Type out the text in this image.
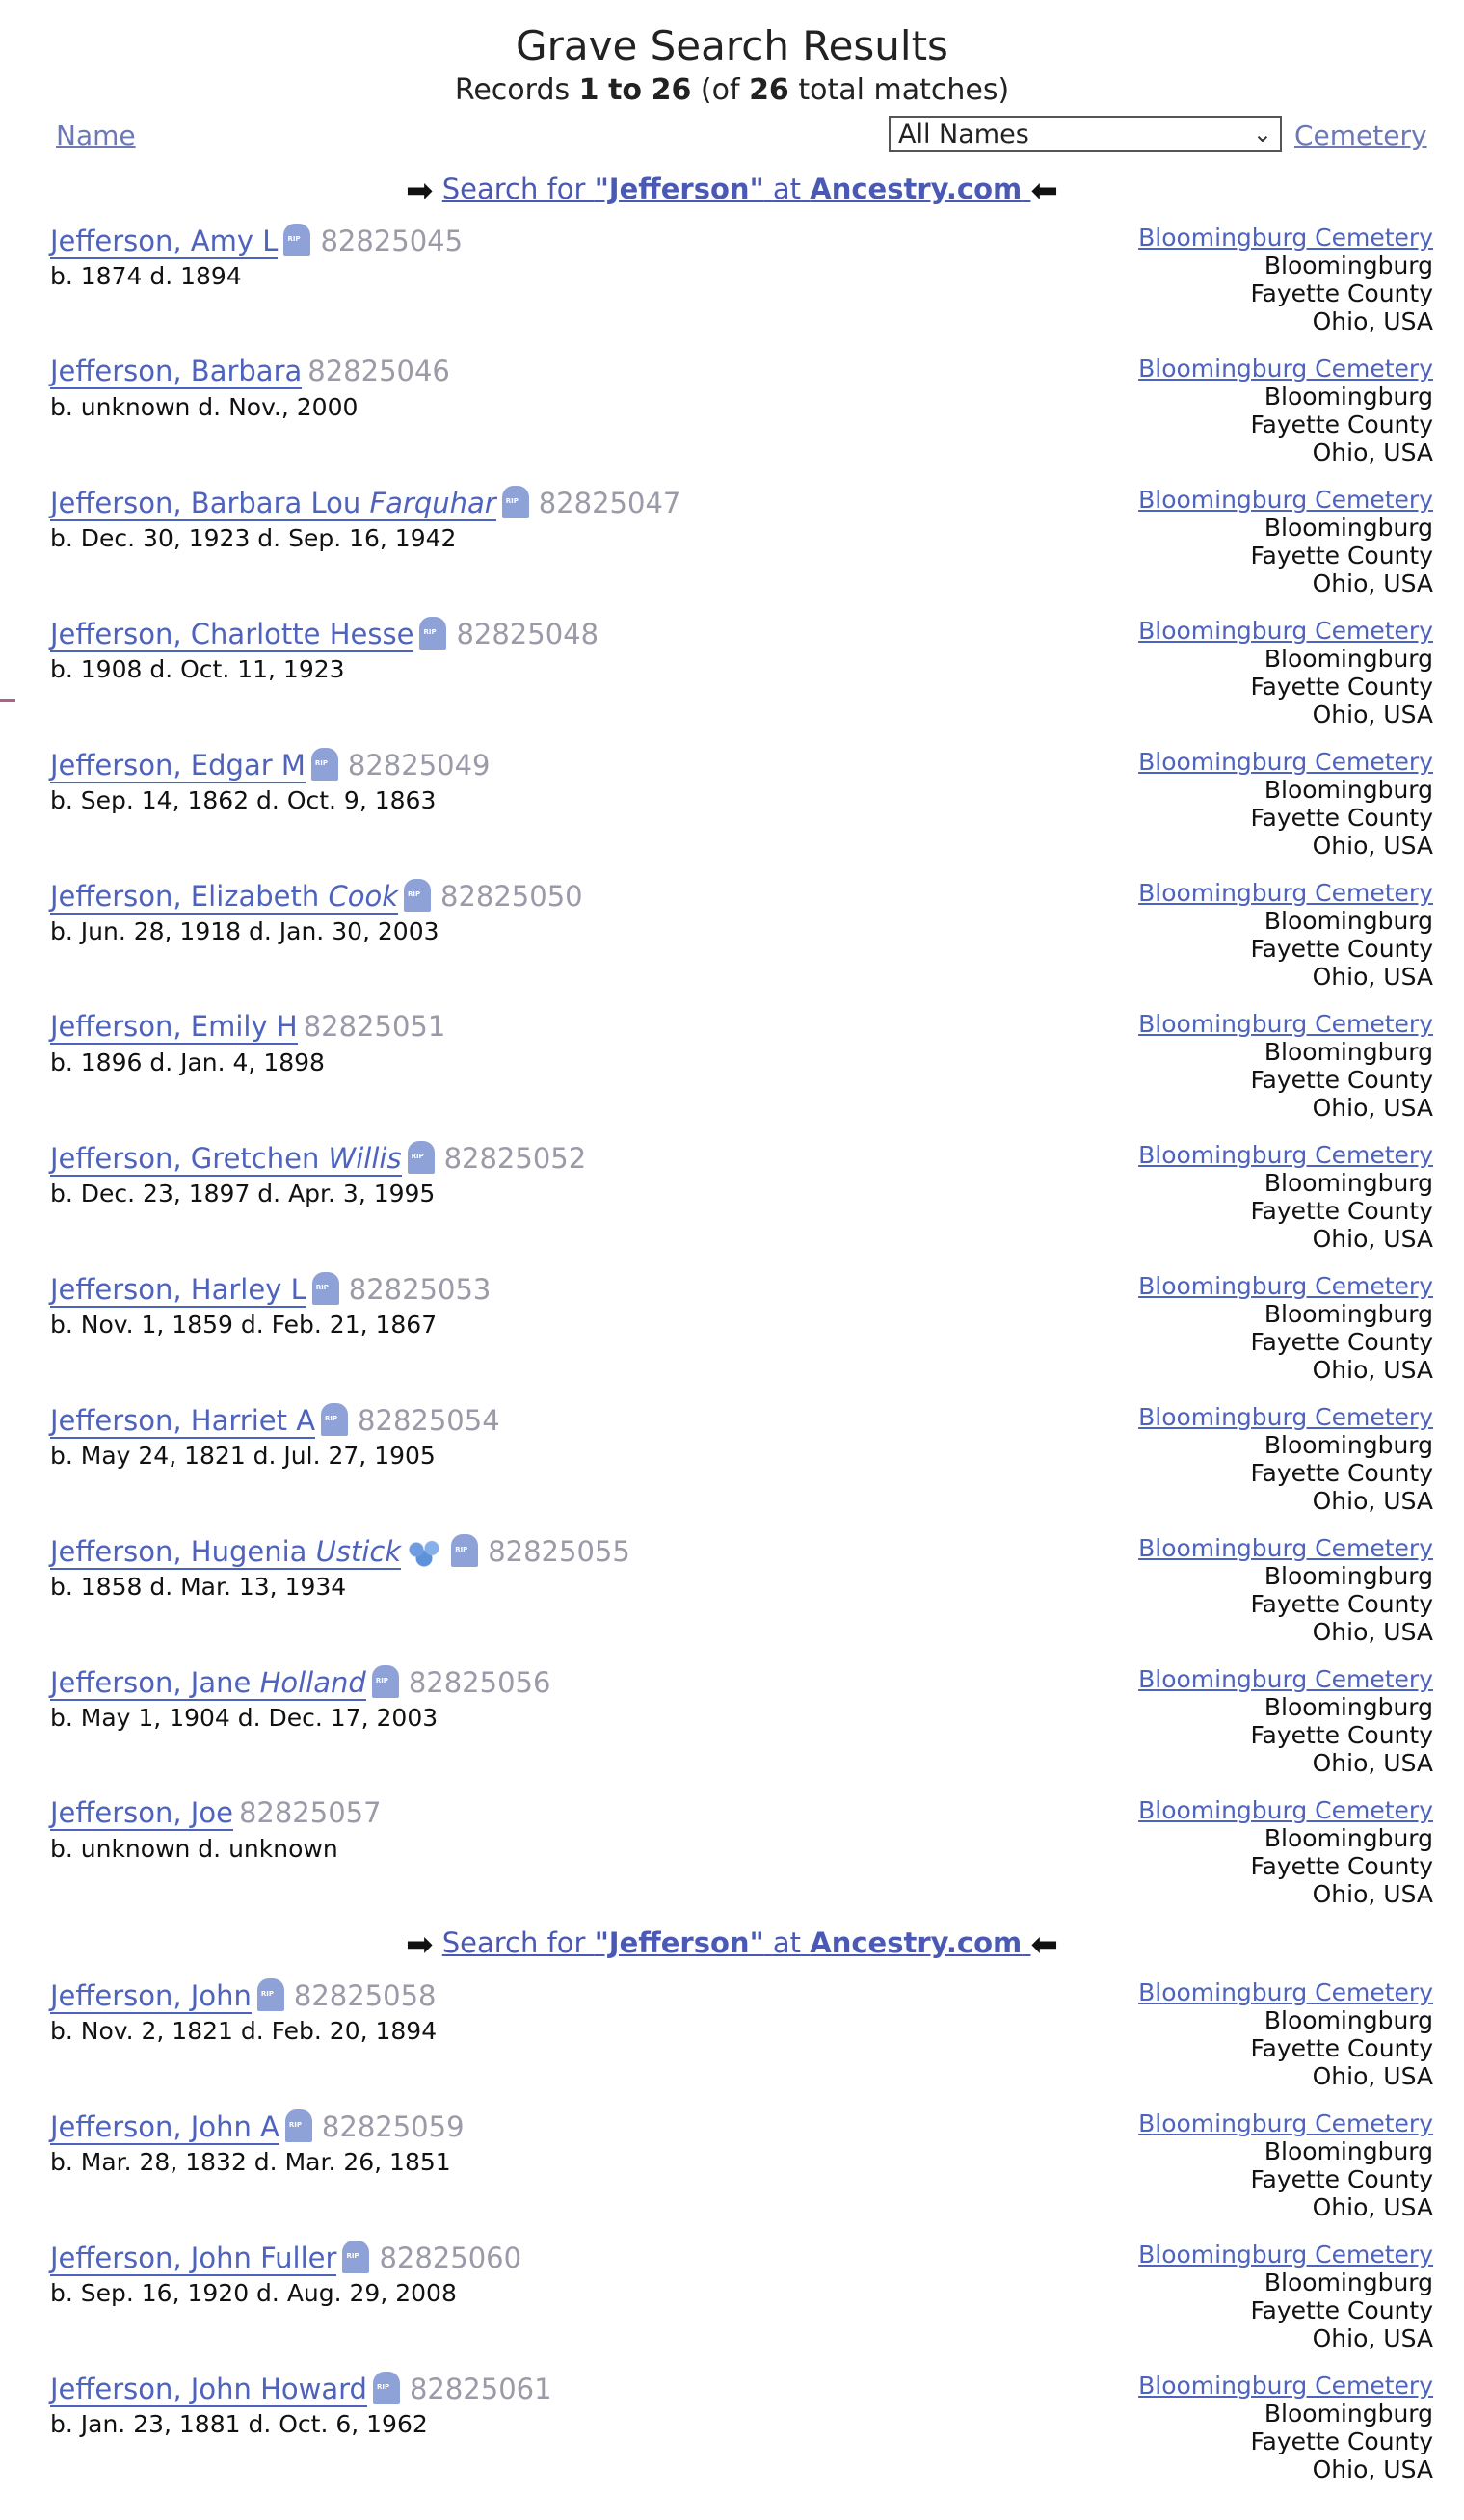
Grave Search Results
Records 1 to 26 (of 26 total matches)
Name	All Names	⌄ Cemetery
➡ Search for "Jefferson" at Ancestry.com ⬅
Jefferson, Amy L RIP 82825045
b. 1874 d. 1894
Bloomingburg Cemetery
Bloomingburg
Fayette County
Ohio, USA
Jefferson, Barbara 82825046
b. unknown d. Nov., 2000
Bloomingburg Cemetery
Bloomingburg
Fayette County
Ohio, USA
Jefferson, Barbara Lou Farquhar RIP 82825047
b. Dec. 30, 1923 d. Sep. 16, 1942
Bloomingburg Cemetery
Bloomingburg
Fayette County
Ohio, USA
Jefferson, Charlotte Hesse RIP 82825048
b. 1908 d. Oct. 11, 1923
Bloomingburg Cemetery
Bloomingburg
Fayette County
Ohio, USA
Jefferson, Edgar M RIP 82825049
b. Sep. 14, 1862 d. Oct. 9, 1863
Bloomingburg Cemetery
Bloomingburg
Fayette County
Ohio, USA
Jefferson, Elizabeth Cook RIP 82825050
b. Jun. 28, 1918 d. Jan. 30, 2003
Bloomingburg Cemetery
Bloomingburg
Fayette County
Ohio, USA
Jefferson, Emily H 82825051
b. 1896 d. Jan. 4, 1898
Bloomingburg Cemetery
Bloomingburg
Fayette County
Ohio, USA
Jefferson, Gretchen Willis RIP 82825052
b. Dec. 23, 1897 d. Apr. 3, 1995
Bloomingburg Cemetery
Bloomingburg
Fayette County
Ohio, USA
Jefferson, Harley L RIP 82825053
b. Nov. 1, 1859 d. Feb. 21, 1867
Bloomingburg Cemetery
Bloomingburg
Fayette County
Ohio, USA
Jefferson, Harriet A RIP 82825054
b. May 24, 1821 d. Jul. 27, 1905
Bloomingburg Cemetery
Bloomingburg
Fayette County
Ohio, USA
Jefferson, Hugenia Ustick RIP	82825055
b. 1858 d. Mar. 13, 1934
Bloomingburg Cemetery
Bloomingburg
Fayette County
Ohio, USA
Jefferson, Jane Holland RIP 82825056
b. May 1, 1904 d. Dec. 17, 2003
Bloomingburg Cemetery
Bloomingburg
Fayette County
Ohio, USA
Jefferson, Joe 82825057
b. unknown d. unknown
Bloomingburg Cemetery
Bloomingburg
Fayette County
Ohio, USA
Jefferson, John RIP 82825058
b. Nov. 2, 1821 d. Feb. 20, 1894
Bloomingburg Cemetery
Bloomingburg
Fayette County
Ohio, USA
Jefferson, John A RIP 82825059
b. Mar. 28, 1832 d. Mar. 26, 1851
Bloomingburg Cemetery
Bloomingburg
Fayette County
Ohio, USA
Jefferson, John Fuller RIP 82825060
b. Sep. 16, 1920 d. Aug. 29, 2008
Bloomingburg Cemetery
Bloomingburg
Fayette County
Ohio, USA
Jefferson, John Howard RIP 82825061
b. Jan. 23, 1881 d. Oct. 6, 1962
Bloomingburg Cemetery
Bloomingburg
Fayette County
Ohio, USA
➡ Search for "Jefferson" at Ancestry.com ⬅
